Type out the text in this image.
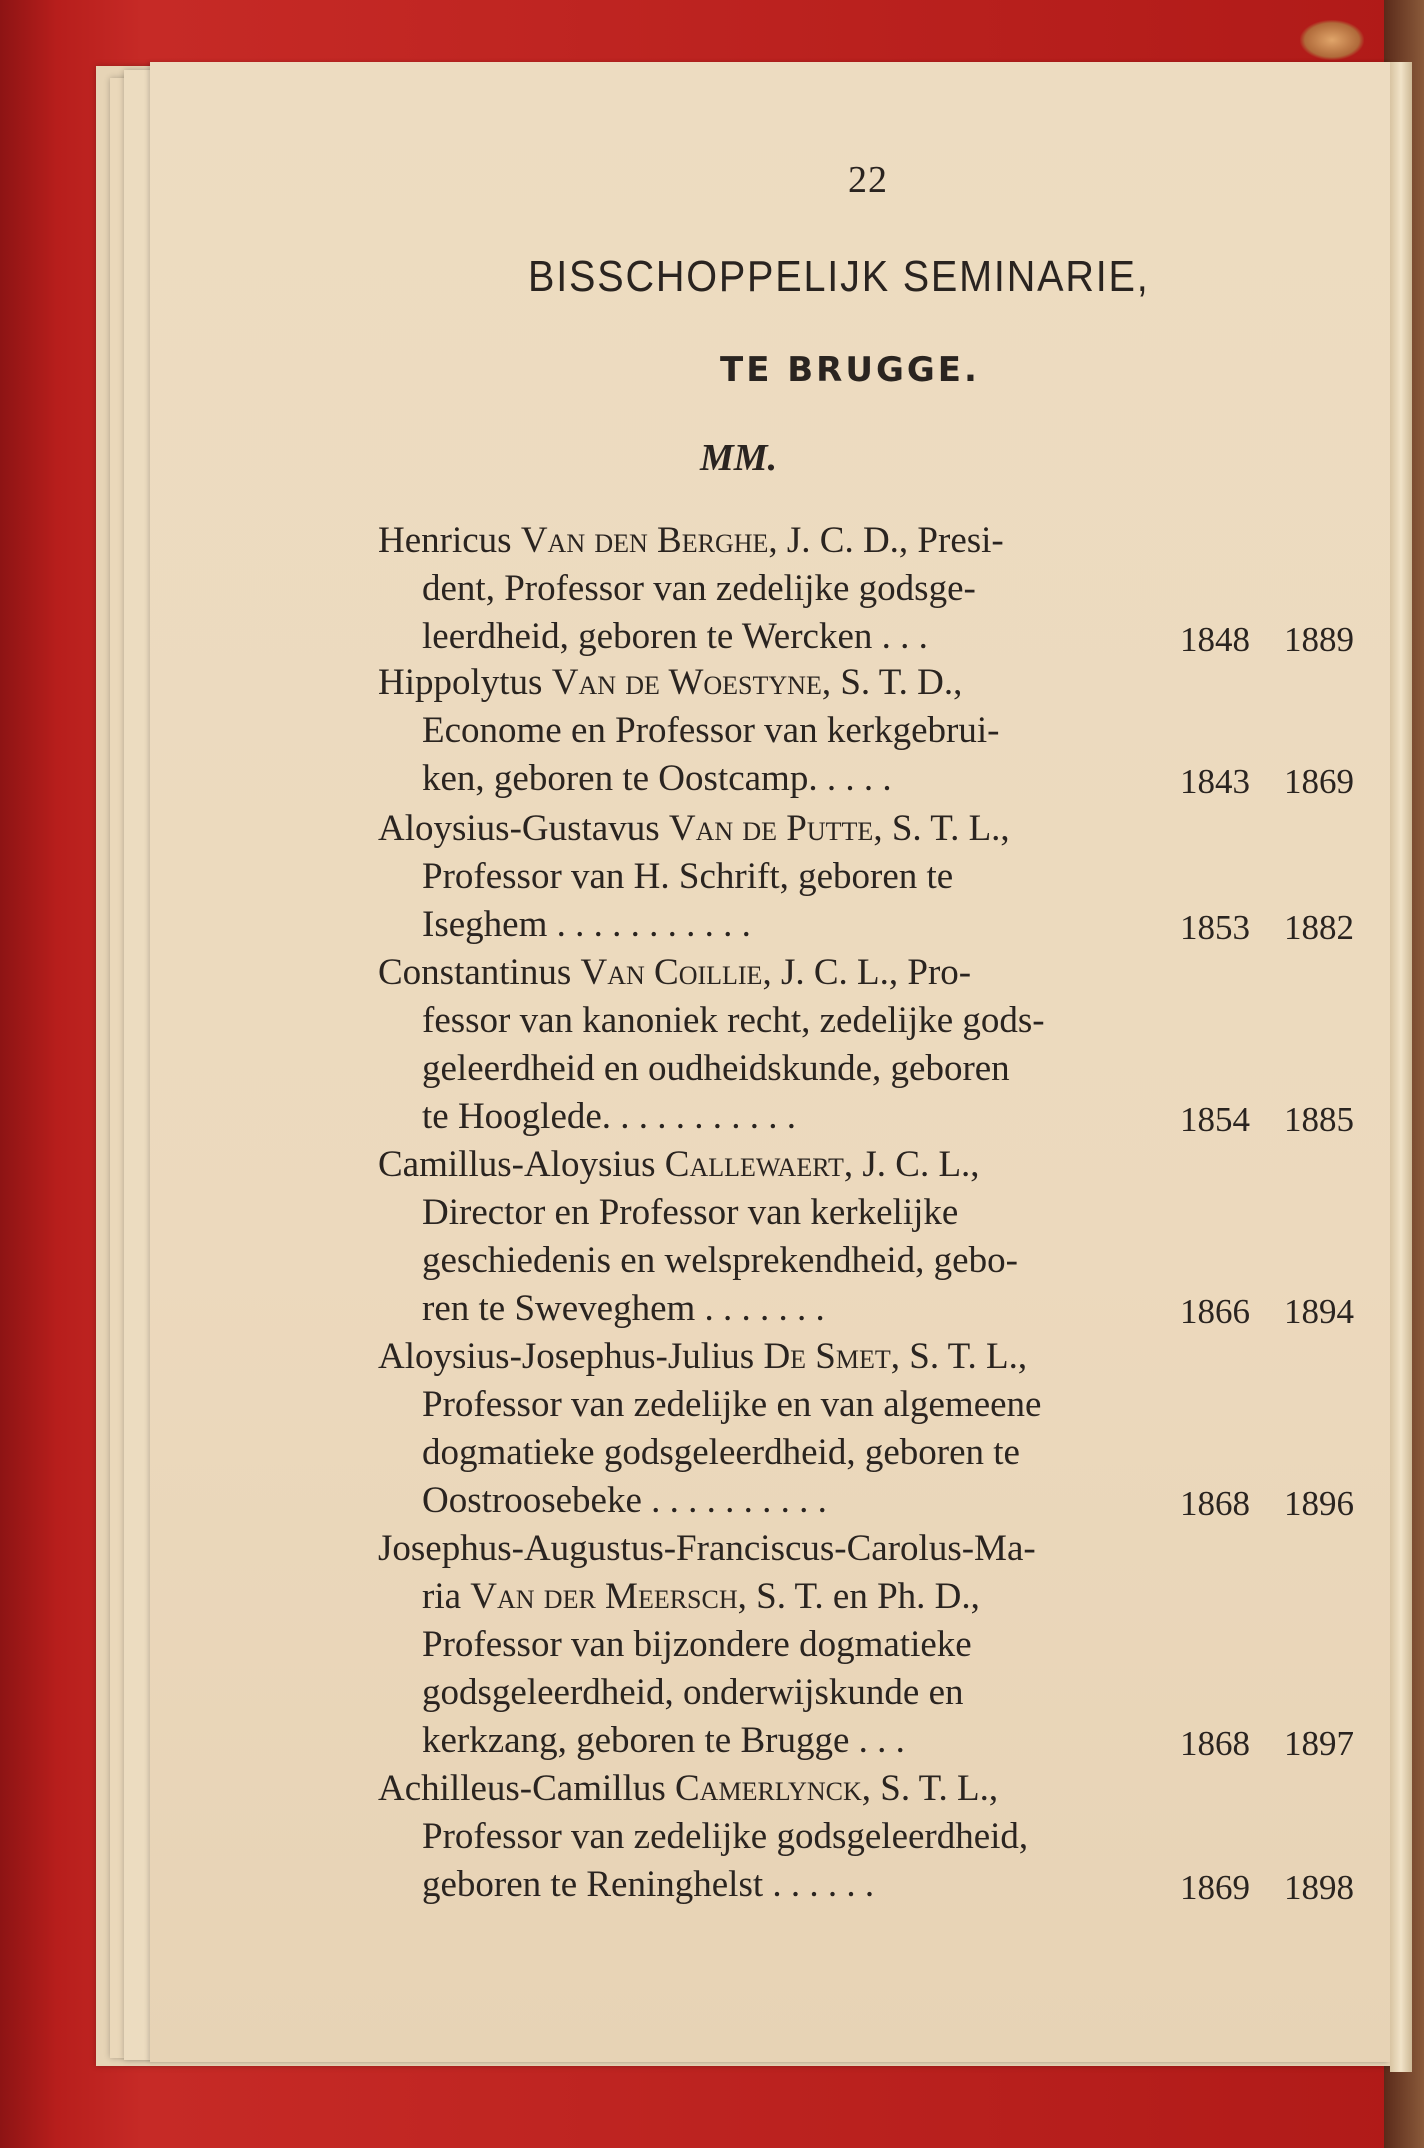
22
BISSCHOPPELIJK SEMINARIE,
TE BRUGGE.
MM.
Henricus Van den Berghe, J. C. D., Presi-
dent, Professor van zedelijke godsge-
leerdheid, geboren te Wercken . . .	1848 1889
Hippolytus Van de Woestyne, S. T. D.,
Econome en Professor van kerkgebrui-
ken, geboren te Oostcamp. . . . .	1843 1869
Aloysius-Gustavus Van de Putte, S. T. L.,
Professor van H. Schrift, geboren te
Iseghem . . . . . . . . . . .	1853 1882
Constantinus Van Coillie, J. C. L., Pro-
fessor van kanoniek recht, zedelijke gods-
geleerdheid en oudheidskunde, geboren
te Hooglede. . . . . . . . . . .	1854 1885
Camillus-Aloysius Callewaert, J. C. L.,
Director en Professor van kerkelijke
geschiedenis en welsprekendheid, gebo-
ren te Sweveghem . . . . . . .	1866 1894
Aloysius-Josephus-Julius De Smet, S. T. L.,
Professor van zedelijke en van algemeene
dogmatieke godsgeleerdheid, geboren te
Oostroosebeke . . . . . . . . . .	1868 1896
Josephus-Augustus-Franciscus-Carolus-Ma-
ria Van der Meersch, S. T. en Ph. D.,
Professor van bijzondere dogmatieke
godsgeleerdheid, onderwijskunde en
kerkzang, geboren te Brugge . . .	1868 1897
Achilleus-Camillus Camerlynck, S. T. L.,
Professor van zedelijke godsgeleerdheid,
geboren te Reninghelst . . . . . .	1869 1898
